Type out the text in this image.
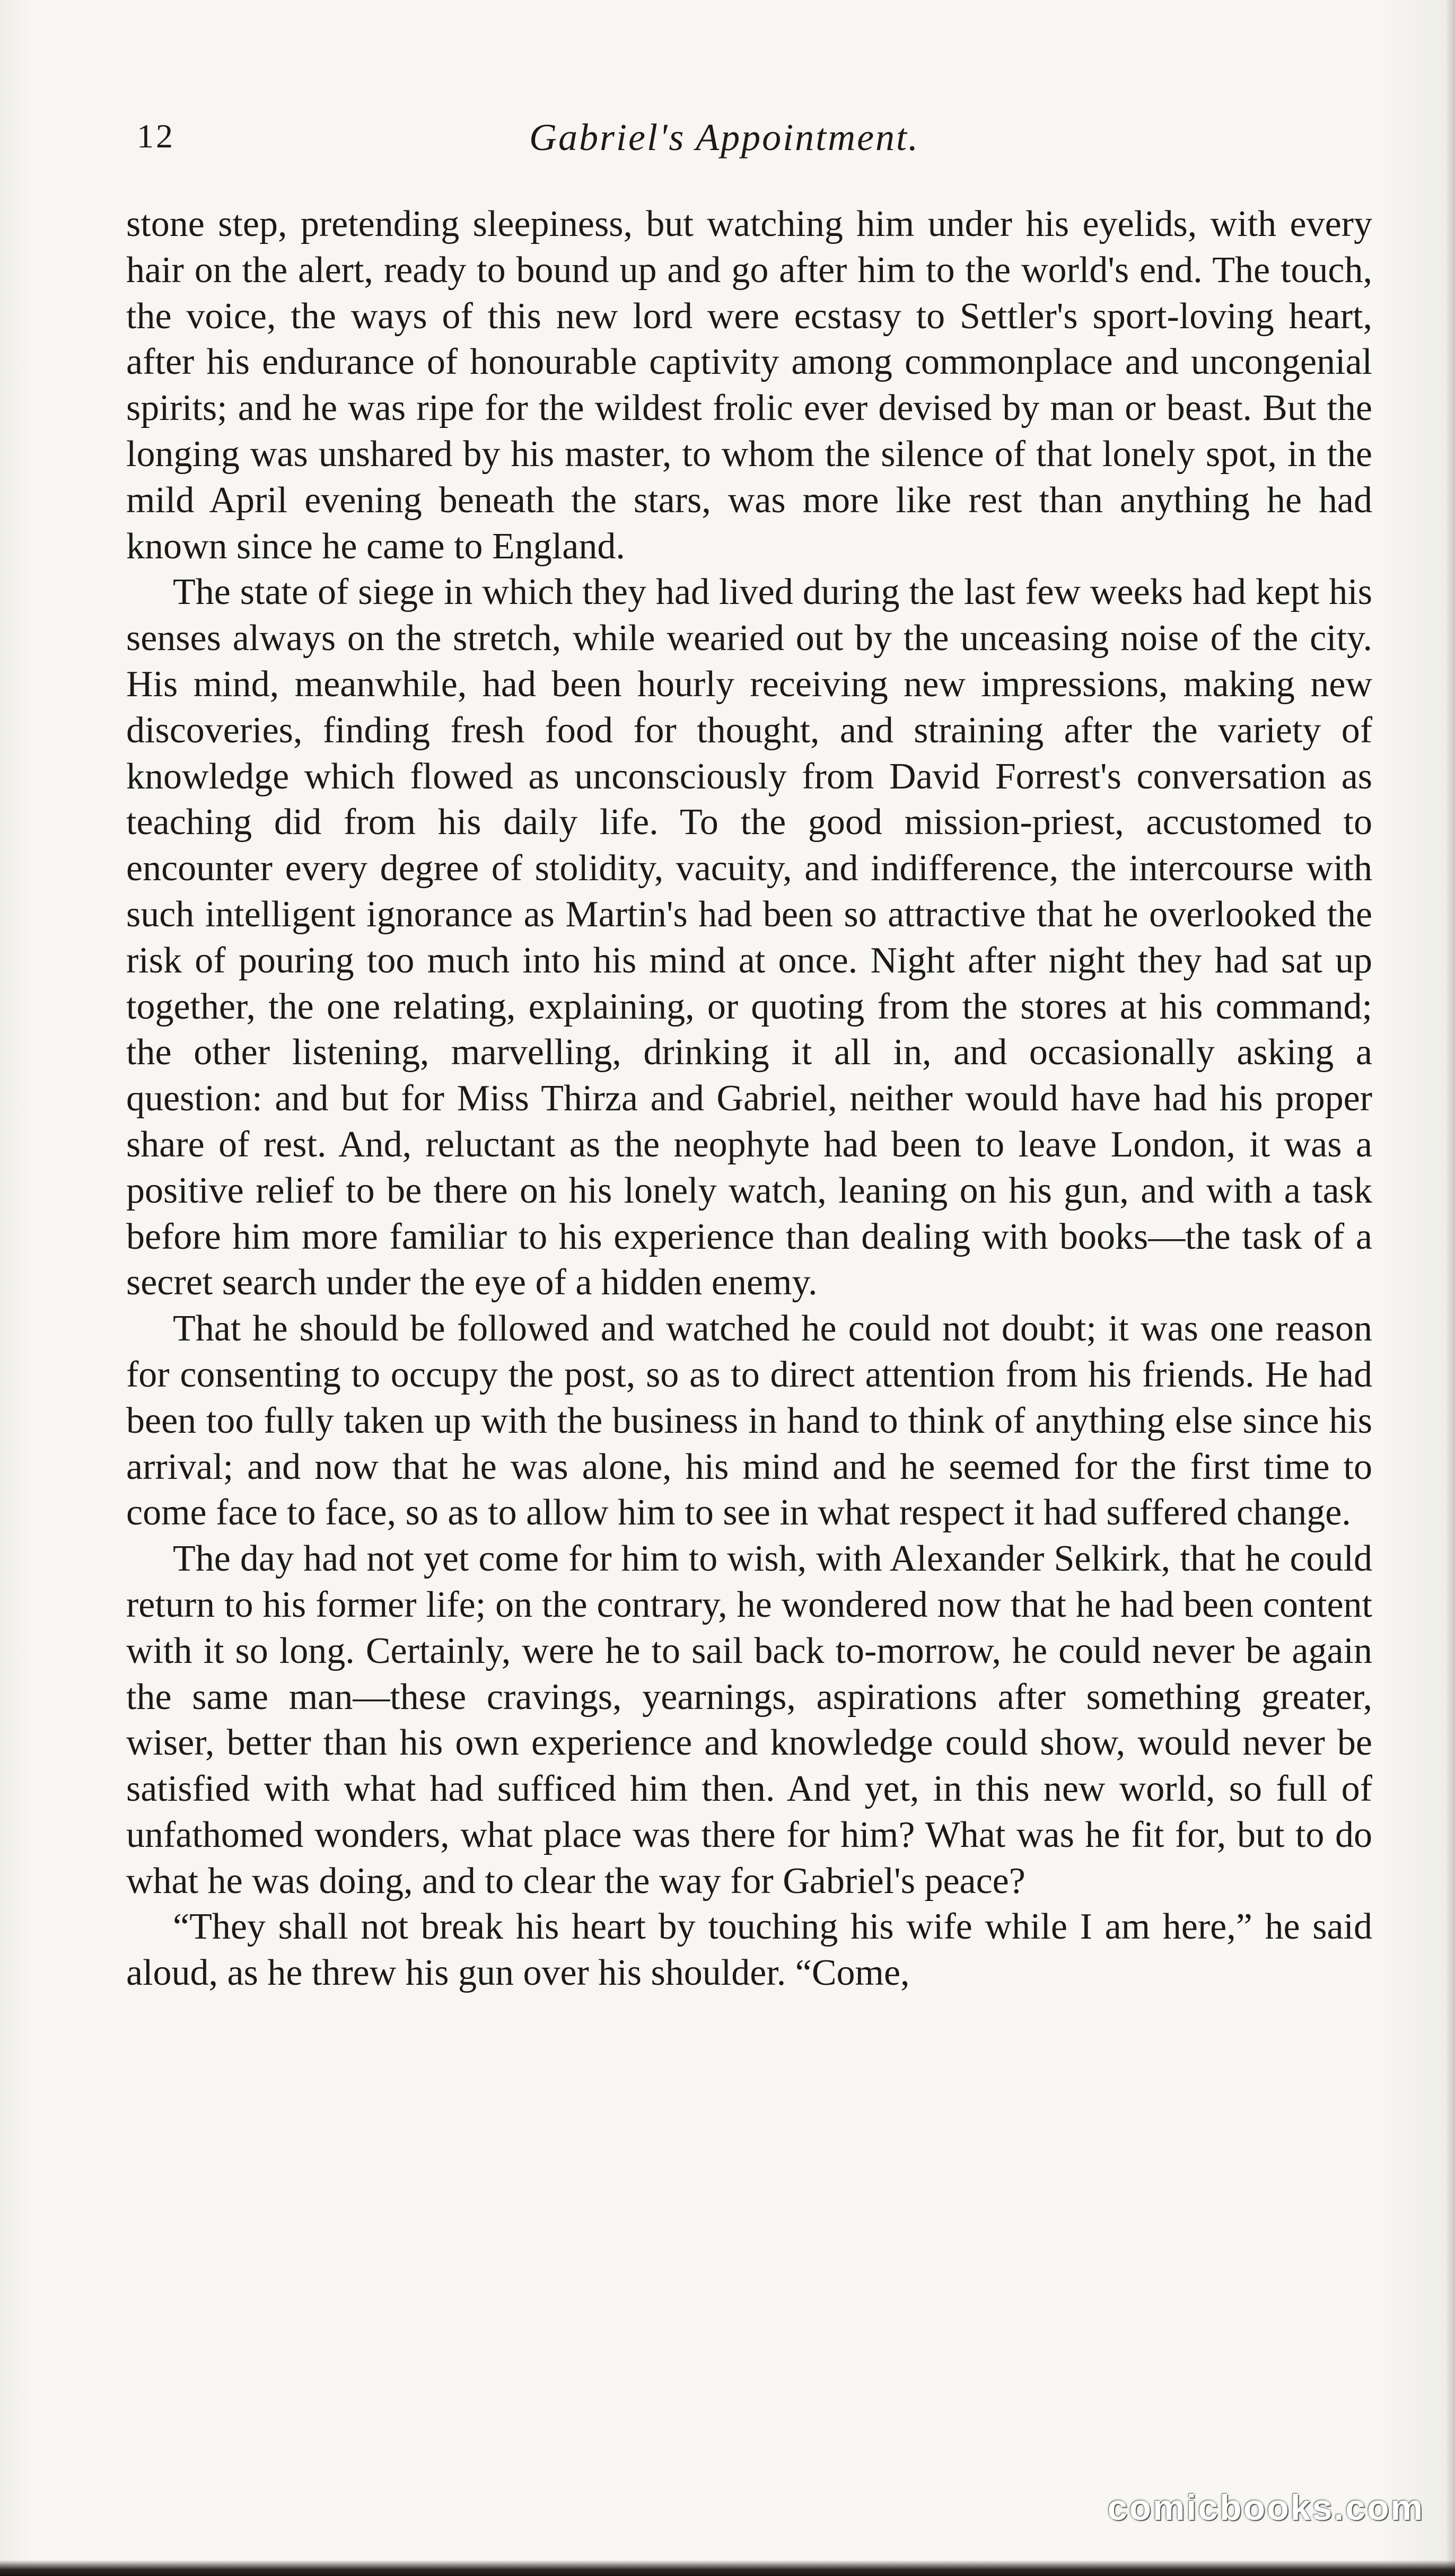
12	Gabriel's Appointment.

stone step, pretending sleepiness, but watching him under his eyelids, with every hair on the alert, ready to bound up and go after him to the world's end. The touch, the voice, the ways of this new lord were ecstasy to Settler's sport-loving heart, after his endurance of honourable captivity among commonplace and uncongenial spirits; and he was ripe for the wildest frolic ever devised by man or beast. But the longing was unshared by his master, to whom the silence of that lonely spot, in the mild April evening beneath the stars, was more like rest than anything he had known since he came to England.

The state of siege in which they had lived during the last few weeks had kept his senses always on the stretch, while wearied out by the unceasing noise of the city. His mind, meanwhile, had been hourly receiving new impressions, making new discoveries, finding fresh food for thought, and straining after the variety of knowledge which flowed as unconsciously from David Forrest's conversation as teaching did from his daily life. To the good mission-priest, accustomed to encounter every degree of stolidity, vacuity, and indifference, the intercourse with such intelligent ignorance as Martin's had been so attractive that he overlooked the risk of pouring too much into his mind at once. Night after night they had sat up together, the one relating, explaining, or quoting from the stores at his command; the other listening, marvelling, drinking it all in, and occasionally asking a question: and but for Miss Thirza and Gabriel, neither would have had his proper share of rest. And, reluctant as the neophyte had been to leave London, it was a positive relief to be there on his lonely watch, leaning on his gun, and with a task before him more familiar to his experience than dealing with books—the task of a secret search under the eye of a hidden enemy.

That he should be followed and watched he could not doubt; it was one reason for consenting to occupy the post, so as to direct attention from his friends. He had been too fully taken up with the business in hand to think of anything else since his arrival; and now that he was alone, his mind and he seemed for the first time to come face to face, so as to allow him to see in what respect it had suffered change.

The day had not yet come for him to wish, with Alexander Selkirk, that he could return to his former life; on the contrary, he wondered now that he had been content with it so long. Certainly, were he to sail back to-morrow, he could never be again the same man—these cravings, yearnings, aspirations after something greater, wiser, better than his own experience and knowledge could show, would never be satisfied with what had sufficed him then. And yet, in this new world, so full of unfathomed wonders, what place was there for him? What was he fit for, but to do what he was doing, and to clear the way for Gabriel's peace?

“They shall not break his heart by touching his wife while I am here,” he said aloud, as he threw his gun over his shoulder. “Come,

comicbooks.com
